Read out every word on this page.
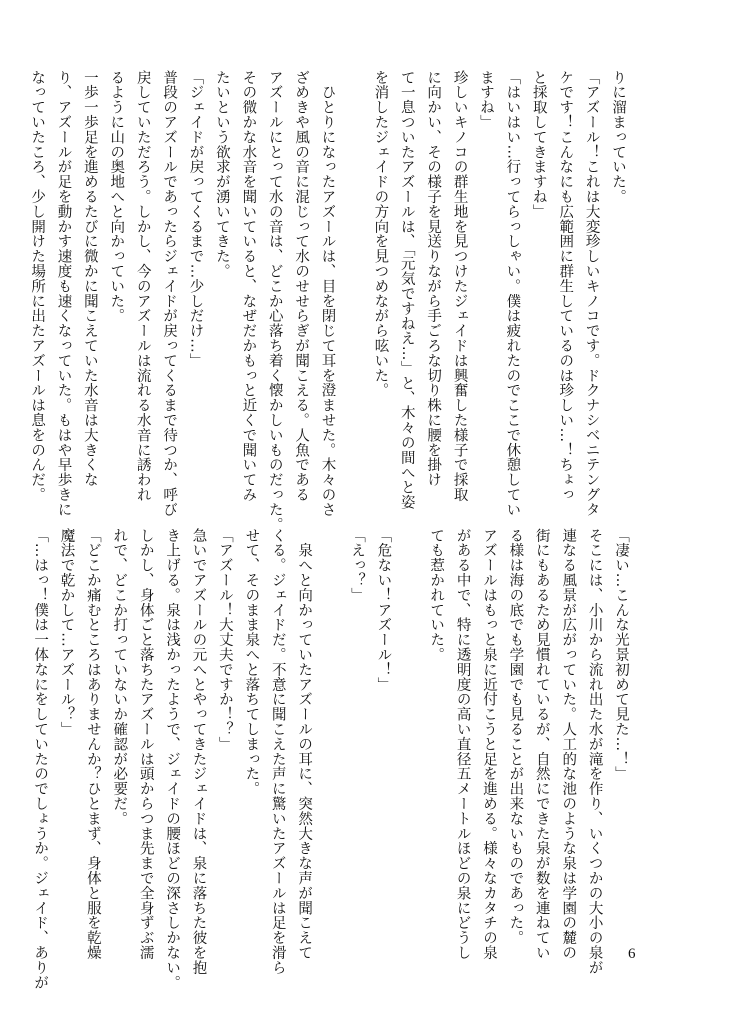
りに溜まっていた。
「アズール！これは大変珍しいキノコです。ドクナシベニテングタ
ケです！こんなにも広範囲に群生しているのは珍しい…！ちょっ
と採取してきますね」
「はいはい…行ってらっしゃい。僕は疲れたのでここで休憩してい
ますね」
珍しいキノコの群生地を見つけたジェイドは興奮した様子で採取
に向かい、その様子を見送りながら手ごろな切り株に腰を掛け
て一息ついたアズールは、「元気ですねえ…」と、木々の間へと姿
を消したジェイドの方向を見つめながら呟いた。

　ひとりになったアズールは、目を閉じて耳を澄ませた。木々のさ
ざめきや風の音に混じって水のせせらぎが聞こえる。人魚である
アズールにとって水の音は、どこか心落ち着く懐かしいものだった。
その微かな水音を聞いていると、なぜだかもっと近くで聞いてみ
たいという欲求が湧いてきた。
「ジェイドが戻ってくるまで…少しだけ…」
普段のアズールであったらジェイドが戻ってくるまで待つか、呼び
戻していただろう。しかし、今のアズールは流れる水音に誘われ
るように山の奥地へと向かっていた。
一歩一歩足を進めるたびに微かに聞こえていた水音は大きくな
り、アズールが足を動かす速度も速くなっていた。もはや早歩きに
なっていたころ、少し開けた場所に出たアズールは息をのんだ。
「凄い…こんな光景初めて見た…！」
そこには、小川から流れ出た水が滝を作り、いくつかの大小の泉が
連なる風景が広がっていた。人工的な池のような泉は学園の麓の
街にもあるため見慣れているが、自然にできた泉が数を連ねてい
る様は海の底でも学園でも見ることが出来ないものであった。
アズールはもっと泉に近付こうと足を進める。様々なカタチの泉
がある中で、特に透明度の高い直径五メートルほどの泉にどうし
ても惹かれていた。

「危ない！アズール！」
「えっ？」

　泉へと向かっていたアズールの耳に、突然大きな声が聞こえて
くる。ジェイドだ。不意に聞こえた声に驚いたアズールは足を滑ら
せて、そのまま泉へと落ちてしまった。
「アズール！大丈夫ですか！？」
急いでアズールの元へとやってきたジェイドは、泉に落ちた彼を抱
き上げる。泉は浅かったようで、ジェイドの腰ほどの深さしかない。
しかし、身体ごと落ちたアズールは頭からつま先まで全身ずぶ濡
れで、どこか打っていないか確認が必要だ。
「どこか痛むところはありませんか？ひとまず、身体と服を乾燥
魔法で乾かして…アズール？」
「…はっ！僕は一体なにをしていたのでしょうか。ジェイド、ありが	6
